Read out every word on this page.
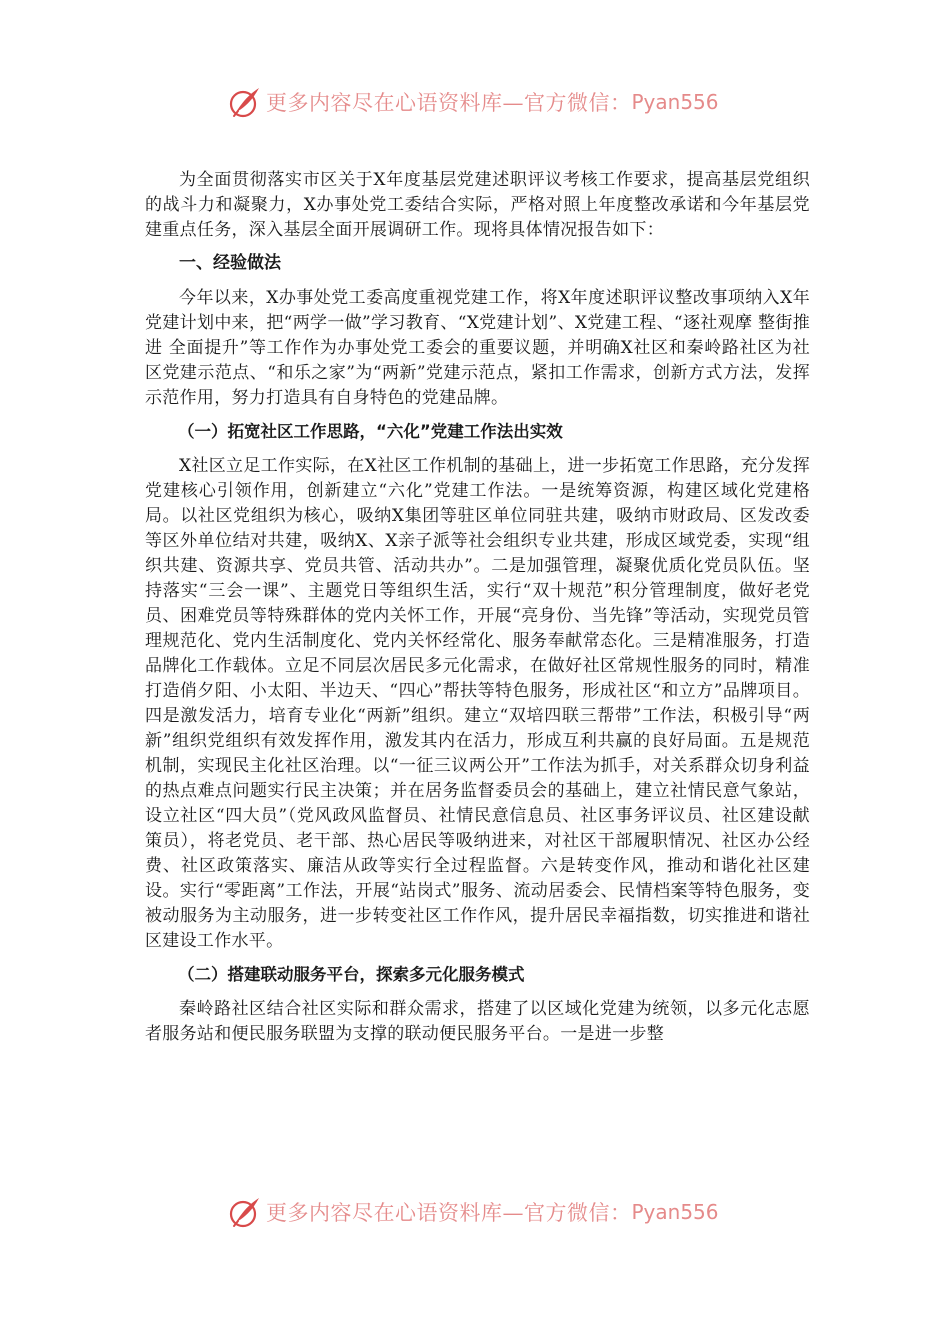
更多内容尽在心语资料库—官方微信： Pyan556

为全面贯彻落实市区关于X年度基层党建述职评议考核工作要求，提高基层党组织的战斗力和凝聚力，X办事处党工委结合实际，严格对照上年度整改承诺和今年基层党建重点任务，深入基层全面开展调研工作。现将具体情况报告如下：

一、经验做法

今年以来，X办事处党工委高度重视党建工作，将X年度述职评议整改事项纳入X年党建计划中来，把“两学一做”学习教育、“X党建计划”、X党建工程、“逐社观摩 整街推进 全面提升”等工作作为办事处党工委会的重要议题，并明确X社区和秦岭路社区为社区党建示范点、“和乐之家”为“两新”党建示范点，紧扣工作需求，创新方式方法，发挥示范作用，努力打造具有自身特色的党建品牌。

（一）拓宽社区工作思路，“六化”党建工作法出实效

X社区立足工作实际，在X社区工作机制的基础上，进一步拓宽工作思路，充分发挥党建核心引领作用，创新建立“六化”党建工作法。一是统筹资源，构建区域化党建格局。以社区党组织为核心，吸纳X集团等驻区单位同驻共建，吸纳市财政局、区发改委等区外单位结对共建，吸纳X、X亲子派等社会组织专业共建，形成区域党委，实现“组织共建、资源共享、党员共管、活动共办”。二是加强管理，凝聚优质化党员队伍。坚持落实“三会一课”、主题党日等组织生活，实行“双十规范”积分管理制度，做好老党员、困难党员等特殊群体的党内关怀工作，开展“亮身份、当先锋”等活动，实现党员管理规范化、党内生活制度化、党内关怀经常化、服务奉献常态化。三是精准服务，打造品牌化工作载体。立足不同层次居民多元化需求，在做好社区常规性服务的同时，精准打造俏夕阳、小太阳、半边天、“四心”帮扶等特色服务，形成社区“和立方”品牌项目。四是激发活力，培育专业化“两新”组织。建立“双培四联三帮带”工作法，积极引导“两新”组织党组织有效发挥作用，激发其内在活力，形成互利共赢的良好局面。五是规范机制，实现民主化社区治理。以“一征三议两公开”工作法为抓手，对关系群众切身利益的热点难点问题实行民主决策；并在居务监督委员会的基础上，建立社情民意气象站，设立社区“四大员”（党风政风监督员、社情民意信息员、社区事务评议员、社区建设献策员），将老党员、老干部、热心居民等吸纳进来，对社区干部履职情况、社区办公经费、社区政策落实、廉洁从政等实行全过程监督。六是转变作风，推动和谐化社区建设。实行“零距离”工作法，开展“站岗式”服务、流动居委会、民情档案等特色服务，变被动服务为主动服务，进一步转变社区工作作风，提升居民幸福指数，切实推进和谐社区建设工作水平。

（二）搭建联动服务平台，探索多元化服务模式

秦岭路社区结合社区实际和群众需求，搭建了以区域化党建为统领，以多元化志愿者服务站和便民服务联盟为支撑的联动便民服务平台。一是进一步整

更多内容尽在心语资料库—官方微信： Pyan556
